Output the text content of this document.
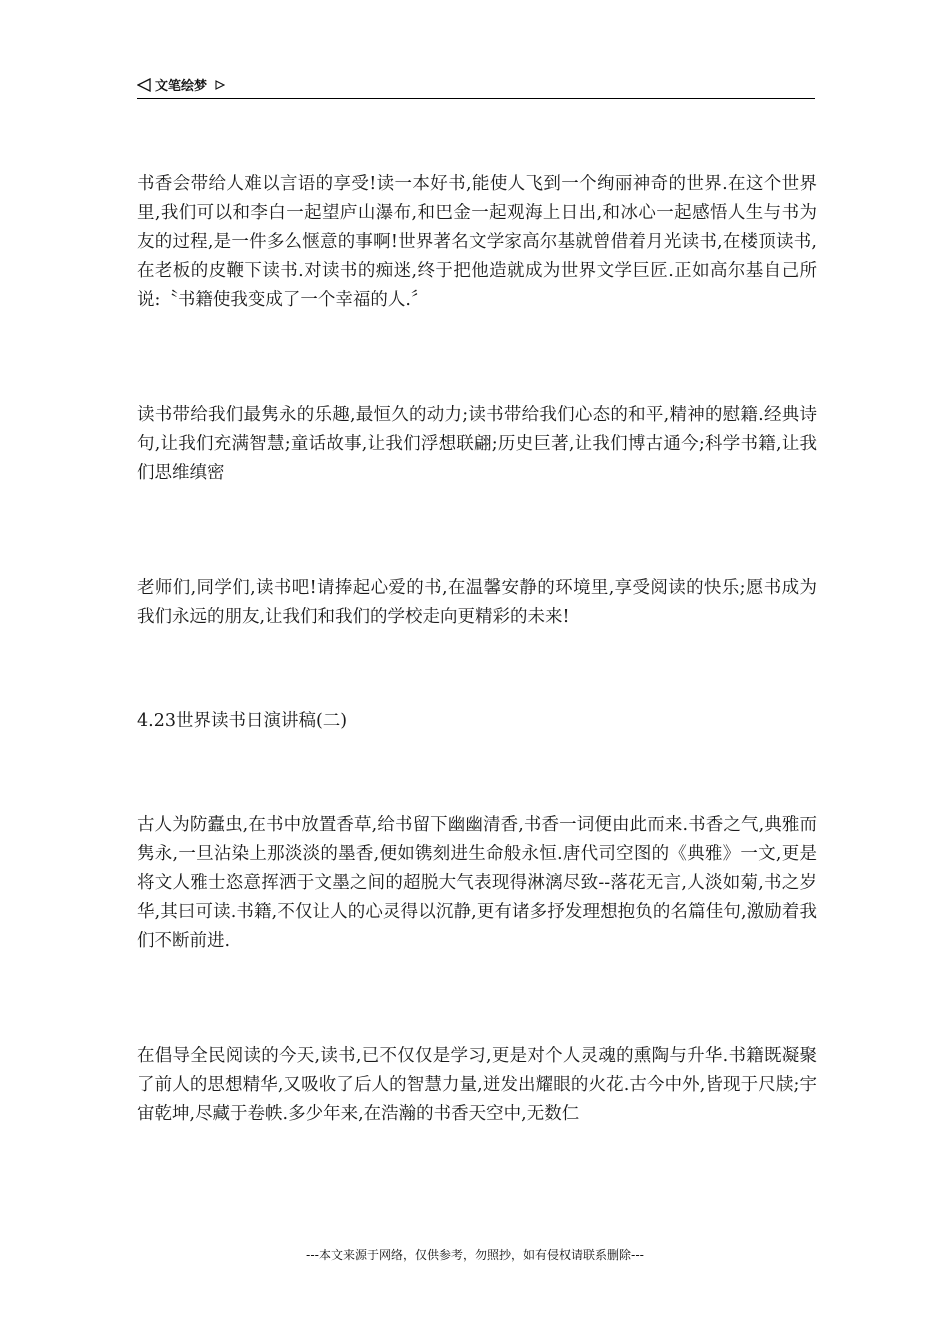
文笔绘梦

书香会带给人难以言语的享受!读一本好书,能使人飞到一个绚丽神奇的世界.在这个世界里,我们可以和李白一起望庐山瀑布,和巴金一起观海上日出,和冰心一起感悟人生与书为友的过程,是一件多么惬意的事啊!世界著名文学家高尔基就曾借着月光读书,在楼顶读书,在老板的皮鞭下读书.对读书的痴迷,终于把他造就成为世界文学巨匠.正如高尔基自己所说:〝书籍使我变成了一个幸福的人.〞

读书带给我们最隽永的乐趣,最恒久的动力;读书带给我们心态的和平,精神的慰籍.经典诗句,让我们充满智慧;童话故事,让我们浮想联翩;历史巨著,让我们博古通今;科学书籍,让我们思维缜密

老师们,同学们,读书吧!请捧起心爱的书,在温馨安静的环境里,享受阅读的快乐;愿书成为我们永远的朋友,让我们和我们的学校走向更精彩的未来!

4.23世界读书日演讲稿(二)

古人为防蠹虫,在书中放置香草,给书留下幽幽清香,书香一词便由此而来.书香之气,典雅而隽永,一旦沾染上那淡淡的墨香,便如镌刻进生命般永恒.唐代司空图的《典雅》一文,更是将文人雅士恣意挥洒于文墨之间的超脱大气表现得淋漓尽致--落花无言,人淡如菊,书之岁华,其曰可读.书籍,不仅让人的心灵得以沉静,更有诸多抒发理想抱负的名篇佳句,激励着我们不断前进.

在倡导全民阅读的今天,读书,已不仅仅是学习,更是对个人灵魂的熏陶与升华.书籍既凝聚了前人的思想精华,又吸收了后人的智慧力量,迸发出耀眼的火花.古今中外,皆现于尺牍;宇宙乾坤,尽藏于卷帙.多少年来,在浩瀚的书香天空中,无数仁

---本文来源于网络，仅供参考，勿照抄，如有侵权请联系删除---
